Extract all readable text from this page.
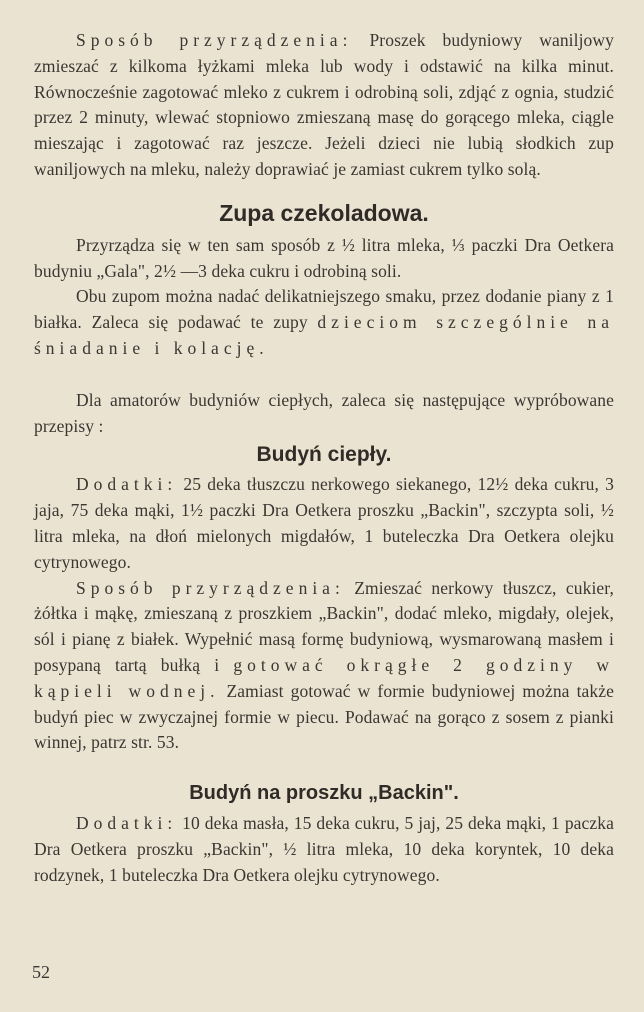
Sposób przyrządzenia: Proszek budyniowy waniljowy zmieszać z kilkoma łyżkami mleka lub wody i odstawić na kilka minut. Równocześnie zagotować mleko z cukrem i odrobiną soli, zdjąć z ognia, studzić przez 2 minuty, wlewać stopniowo zmieszaną masę do gorącego mleka, ciągle mieszając i zagotować raz jeszcze. Jeżeli dzieci nie lubią słodkich zup waniljowych na mleku, należy doprawiać je zamiast cukrem tylko solą.

Zupa czekoladowa.

Przyrządza się w ten sam sposób z ½ litra mleka, ⅓ paczki Dra Oetkera budyniu „Gala", 2½ —3 deka cukru i odrobiną soli.

Obu zupom można nadać delikatniejszego smaku, przez dodanie piany z 1 białka. Zaleca się podawać te zupy dzieciom szczególnie na śniadanie i kolację.

Dla amatorów budyniów ciepłych, zaleca się następujące wypróbowane przepisy :

Budyń ciepły.

Dodatki: 25 deka tłuszczu nerkowego siekanego, 12½ deka cukru, 3 jaja, 75 deka mąki, 1½ paczki Dra Oetkera proszku „Backin", szczypta soli, ½ litra mleka, na dłoń mielonych migdałów, 1 buteleczka Dra Oetkera olejku cytrynowego.

Sposób przyrządzenia: Zmieszać nerkowy tłuszcz, cukier, żółtka i mąkę, zmieszaną z proszkiem „Backin", dodać mleko, migdały, olejek, sól i pianę z białek. Wypełnić masą formę budyniową, wysmarowaną masłem i posypaną tartą bułką i gotować okrągłe 2 godziny w kąpieli wodnej. Zamiast gotować w formie budyniowej można także budyń piec w zwyczajnej formie w piecu. Podawać na gorąco z sosem z pianki winnej, patrz str. 53.

Budyń na proszku „Backin".

Dodatki: 10 deka masła, 15 deka cukru, 5 jaj, 25 deka mąki, 1 paczka Dra Oetkera proszku „Backin", ½ litra mleka, 10 deka koryntek, 10 deka rodzynek, 1 buteleczka Dra Oetkera olejku cytrynowego.

52
